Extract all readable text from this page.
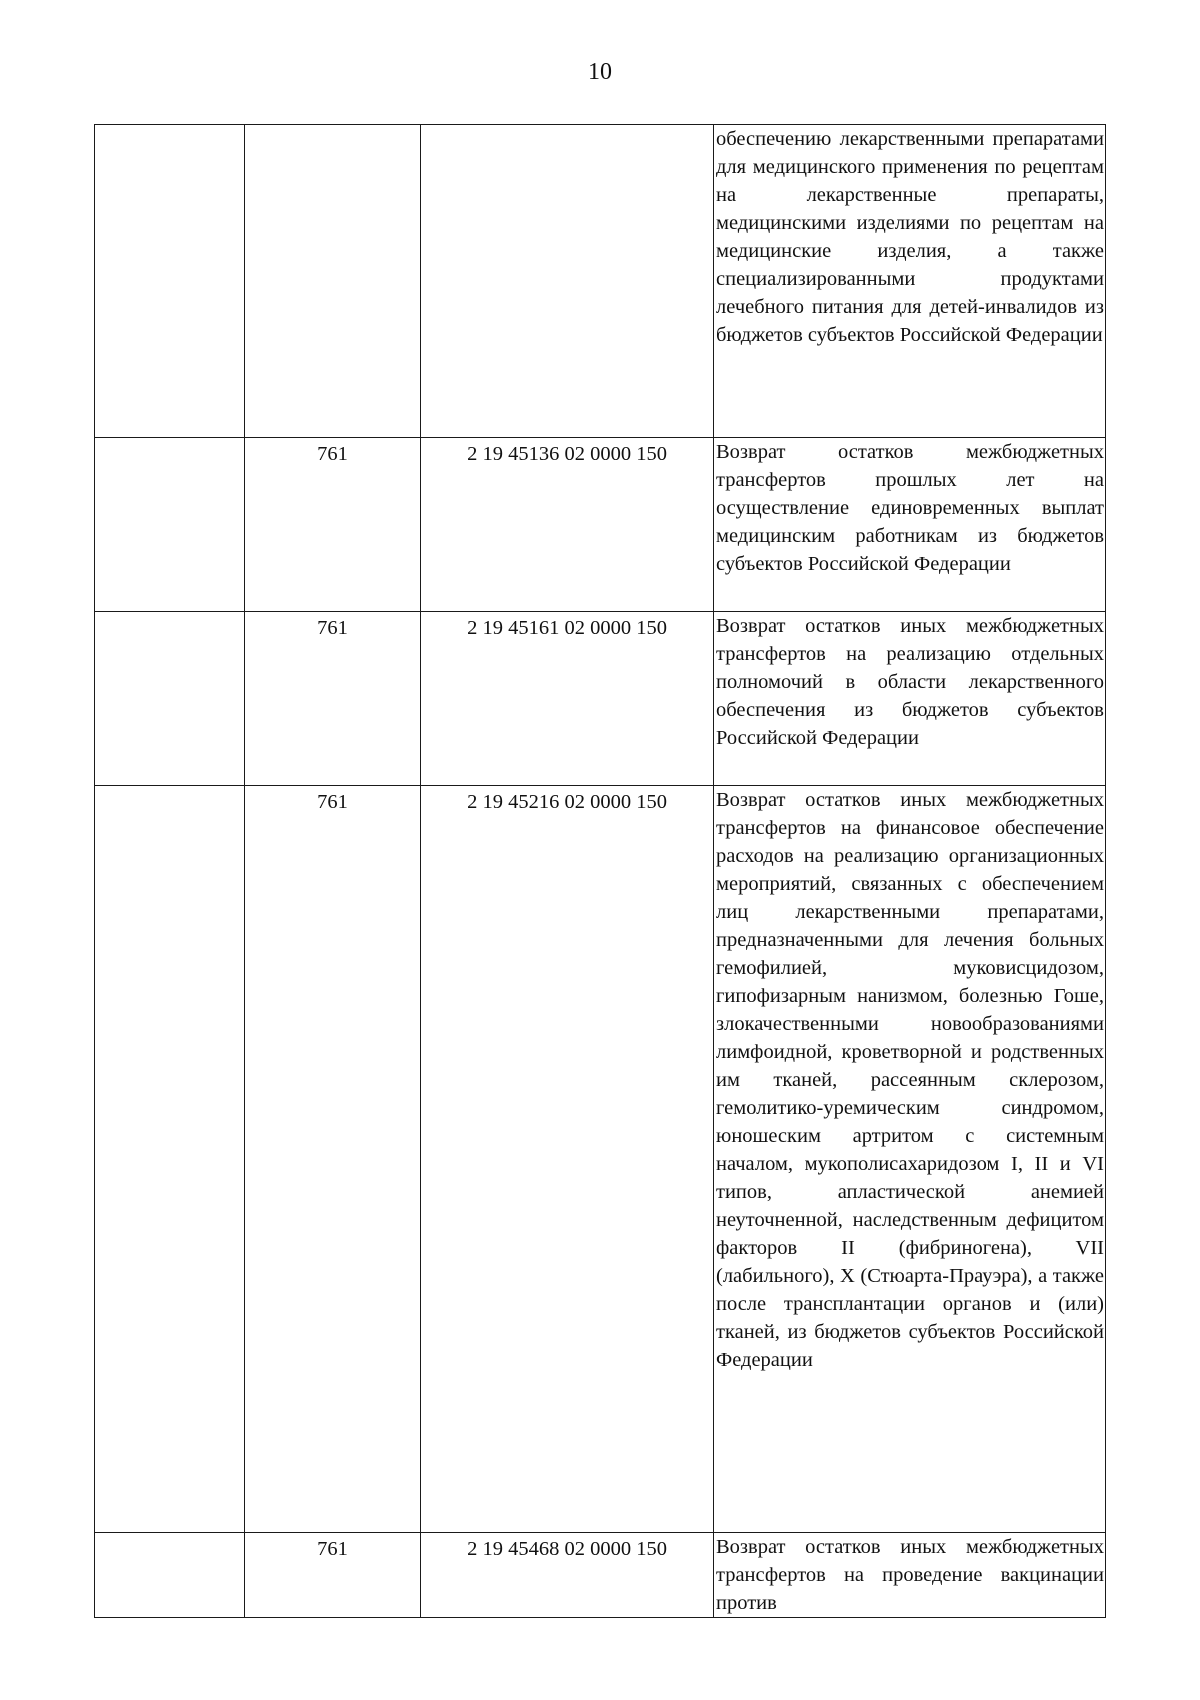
10
			обеспечению лекарственными препаратами для медицинского применения по рецептам на лекарственные препараты, медицинскими изделиями по рецептам на медицинские изделия, а также специализированными продуктами лечебного питания для детей-инвалидов из бюджетов субъектов Российской Федерации
	761	2 19 45136 02 0000 150	Возврат остатков межбюджетных трансфертов прошлых лет на осуществление единовременных выплат медицинским работникам из бюджетов субъектов Российской Федерации
	761	2 19 45161 02 0000 150	Возврат остатков иных межбюджетных трансфертов на реализацию отдельных полномочий в области лекарственного обеспечения из бюджетов субъектов Российской Федерации
	761	2 19 45216 02 0000 150	Возврат остатков иных межбюджетных трансфертов на финансовое обеспечение расходов на реализацию организационных мероприятий, связанных с обеспечением лиц лекарственными препаратами, предназначенными для лечения больных гемофилией, муковисцидозом, гипофизарным нанизмом, болезнью Гоше, злокачественными новообразованиями лимфоидной, кроветворной и родственных им тканей, рассеянным склерозом, гемолитико-уремическим синдромом, юношеским артритом с системным началом, мукополисахаридозом I, II и VI типов, апластической анемией неуточненной, наследственным дефицитом факторов II (фибриногена), VII (лабильного), X (Стюарта-Прауэра), а также после трансплантации органов и (или) тканей, из бюджетов субъектов Российской Федерации
	761	2 19 45468 02 0000 150	Возврат остатков иных межбюджетных трансфертов на проведение вакцинации против
